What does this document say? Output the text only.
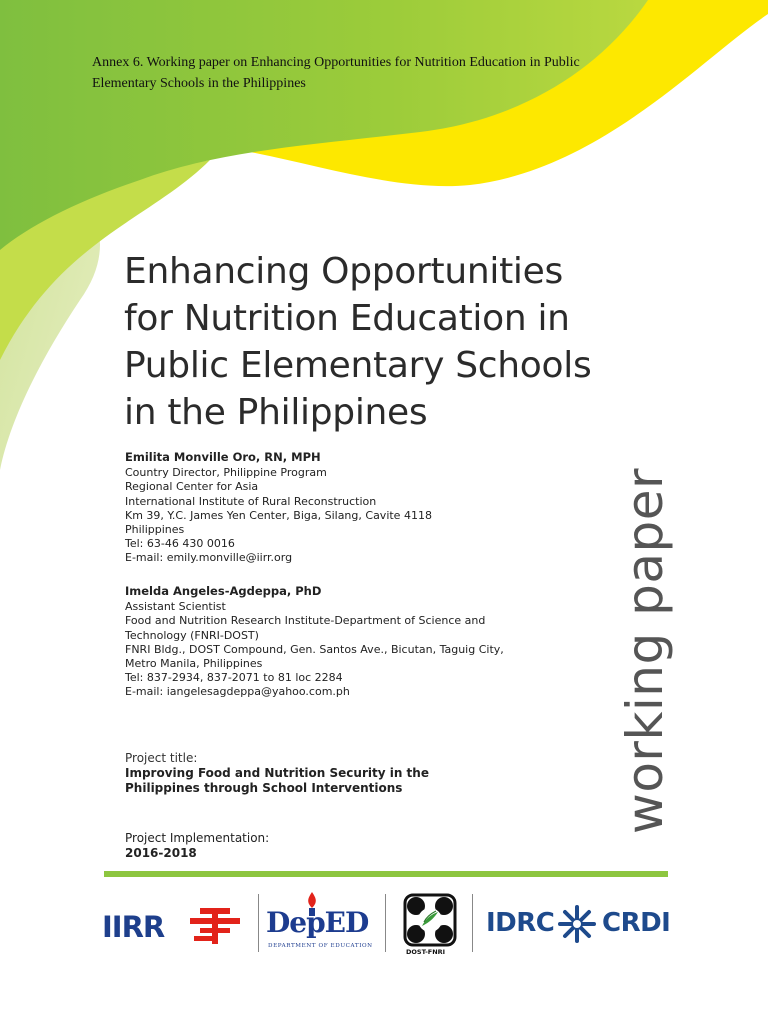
Annex 6. Working paper on Enhancing Opportunities for Nutrition Education in Public
Elementary Schools in the Philippines

Enhancing Opportunities
for Nutrition Education in
Public Elementary Schools
in the Philippines
Emilita Monville Oro, RN, MPH
Country Director, Philippine Program
Regional Center for Asia
International Institute of Rural Reconstruction
Km 39, Y.C. James Yen Center, Biga, Silang, Cavite 4118
Philippines
Tel: 63-46 430 0016
E-mail: emily.monville@iirr.org
Imelda Angeles-Agdeppa, PhD
Assistant Scientist
Food and Nutrition Research Institute-Department of Science and
Technology (FNRI-DOST)
FNRI Bldg., DOST Compound, Gen. Santos Ave., Bicutan, Taguig City,
Metro Manila, Philippines
Tel: 837-2934, 837-2071 to 81 loc 2284
E-mail: iangelesagdeppa@yahoo.com.ph
Project title:
Improving Food and Nutrition Security in the
Philippines through School Interventions
Project Implementation:
2016-2018
working paper
IIRR	DepED
DEPARTMENT OF EDUCATION
DOST-FNRI
IDRC CRDI
